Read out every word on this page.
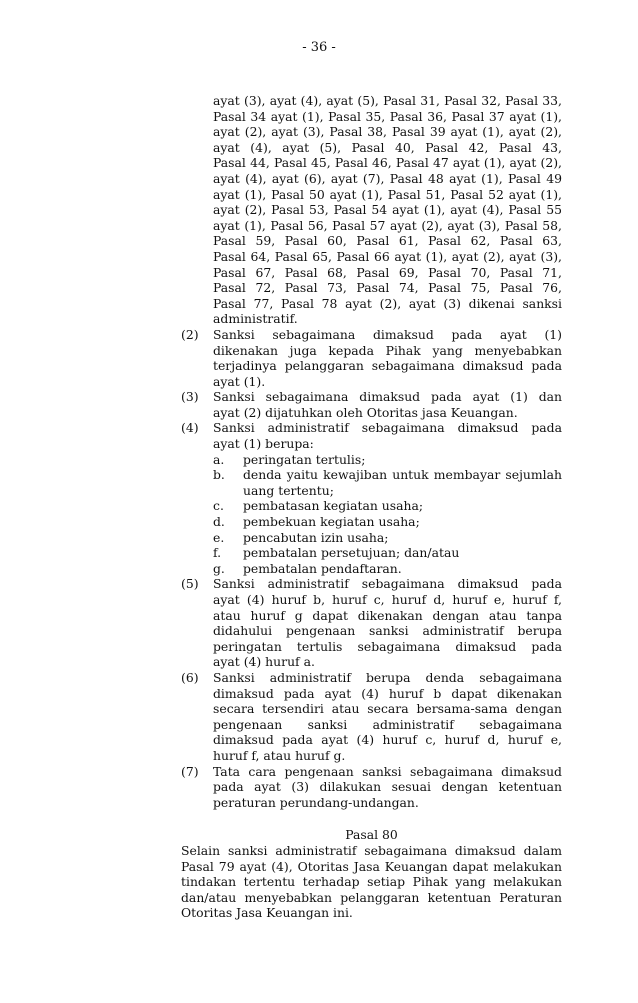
- 36 -
ayat (3), ayat (4), ayat (5), Pasal 31, Pasal 32, Pasal 33,
Pasal 34 ayat (1), Pasal 35, Pasal 36, Pasal 37 ayat (1),
ayat (2), ayat (3), Pasal 38, Pasal 39 ayat (1), ayat (2),
ayat (4), ayat (5), Pasal 40, Pasal 42, Pasal 43,
Pasal 44, Pasal 45, Pasal 46, Pasal 47 ayat (1), ayat (2),
ayat (4), ayat (6), ayat (7), Pasal 48 ayat (1), Pasal 49
ayat (1), Pasal 50 ayat (1), Pasal 51, Pasal 52 ayat (1),
ayat (2), Pasal 53, Pasal 54 ayat (1), ayat (4), Pasal 55
ayat (1), Pasal 56, Pasal 57 ayat (2), ayat (3), Pasal 58,
Pasal 59, Pasal 60, Pasal 61, Pasal 62, Pasal 63,
Pasal 64, Pasal 65, Pasal 66 ayat (1), ayat (2), ayat (3),
Pasal 67, Pasal 68, Pasal 69, Pasal 70, Pasal 71,
Pasal 72, Pasal 73, Pasal 74, Pasal 75, Pasal 76,
Pasal 77, Pasal 78 ayat (2), ayat (3) dikenai sanksi
administratif.
(2) Sanksi sebagaimana dimaksud pada ayat (1)
dikenakan juga kepada Pihak yang menyebabkan
terjadinya pelanggaran sebagaimana dimaksud pada
ayat (1).
(3) Sanksi sebagaimana dimaksud pada ayat (1) dan
ayat (2) dijatuhkan oleh Otoritas jasa Keuangan.
(4) Sanksi administratif sebagaimana dimaksud pada
ayat (1) berupa:
a. peringatan tertulis;
b. denda yaitu kewajiban untuk membayar sejumlah
uang tertentu;
c. pembatasan kegiatan usaha;
d. pembekuan kegiatan usaha;
e. pencabutan izin usaha;
f. pembatalan persetujuan; dan/atau
g. pembatalan pendaftaran.
(5) Sanksi administratif sebagaimana dimaksud pada
ayat (4) huruf b, huruf c, huruf d, huruf e, huruf f,
atau huruf g dapat dikenakan dengan atau tanpa
didahului pengenaan sanksi administratif berupa
peringatan tertulis sebagaimana dimaksud pada
ayat (4) huruf a.
(6) Sanksi administratif berupa denda sebagaimana
dimaksud pada ayat (4) huruf b dapat dikenakan
secara tersendiri atau secara bersama-sama dengan
pengenaan sanksi administratif sebagaimana
dimaksud pada ayat (4) huruf c, huruf d, huruf e,
huruf f, atau huruf g.
(7) Tata cara pengenaan sanksi sebagaimana dimaksud
pada ayat (3) dilakukan sesuai dengan ketentuan
peraturan perundang-undangan.
Pasal 80
Selain sanksi administratif sebagaimana dimaksud dalam
Pasal 79 ayat (4), Otoritas Jasa Keuangan dapat melakukan
tindakan tertentu terhadap setiap Pihak yang melakukan
dan/atau menyebabkan pelanggaran ketentuan Peraturan
Otoritas Jasa Keuangan ini.
